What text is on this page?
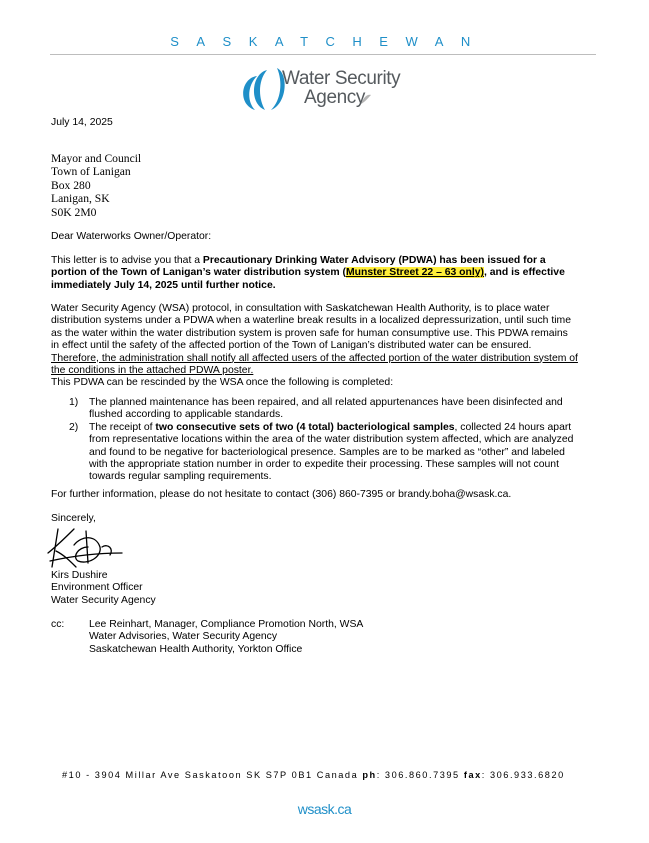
SASKATCHEWAN
Water Security
Agency
July 14, 2025
Mayor and Council
Town of Lanigan
Box 280
Lanigan, SK
S0K 2M0
Dear Waterworks Owner/Operator:
This letter is to advise you that a Precautionary Drinking Water Advisory (PDWA) has been issued for a
portion of the Town of Lanigan’s water distribution system (Munster Street 22 – 63 only), and is effective
immediately July 14, 2025 until further notice.
Water Security Agency (WSA) protocol, in consultation with Saskatchewan Health Authority, is to place water
distribution systems under a PDWA when a waterline break results in a localized depressurization, until such time
as the water within the water distribution system is proven safe for human consumptive use. This PDWA remains
in effect until the safety of the affected portion of the Town of Lanigan’s distributed water can be ensured.
Therefore, the administration shall notify all affected users of the affected portion of the water distribution system of
the conditions in the attached PDWA poster.
This PDWA can be rescinded by the WSA once the following is completed:
1)	The planned maintenance has been repaired, and all related appurtenances have been disinfected and
flushed according to applicable standards.
2)	The receipt of two consecutive sets of two (4 total) bacteriological samples, collected 24 hours apart
from representative locations within the area of the water distribution system affected, which are analyzed
and found to be negative for bacteriological presence. Samples are to be marked as “other” and labeled
with the appropriate station number in order to expedite their processing. These samples will not count
towards regular sampling requirements.
For further information, please do not hesitate to contact (306) 860-7395 or brandy.boha@wsask.ca.
Sincerely,
Kirs Dushire
Environment Officer
Water Security Agency
cc: Lee Reinhart, Manager, Compliance Promotion North, WSA
Water Advisories, Water Security Agency
Saskatchewan Health Authority, Yorkton Office
#10 - 3904 Millar Ave Saskatoon SK S7P 0B1 Canada ph: 306.860.7395 fax: 306.933.6820
wsask.ca
